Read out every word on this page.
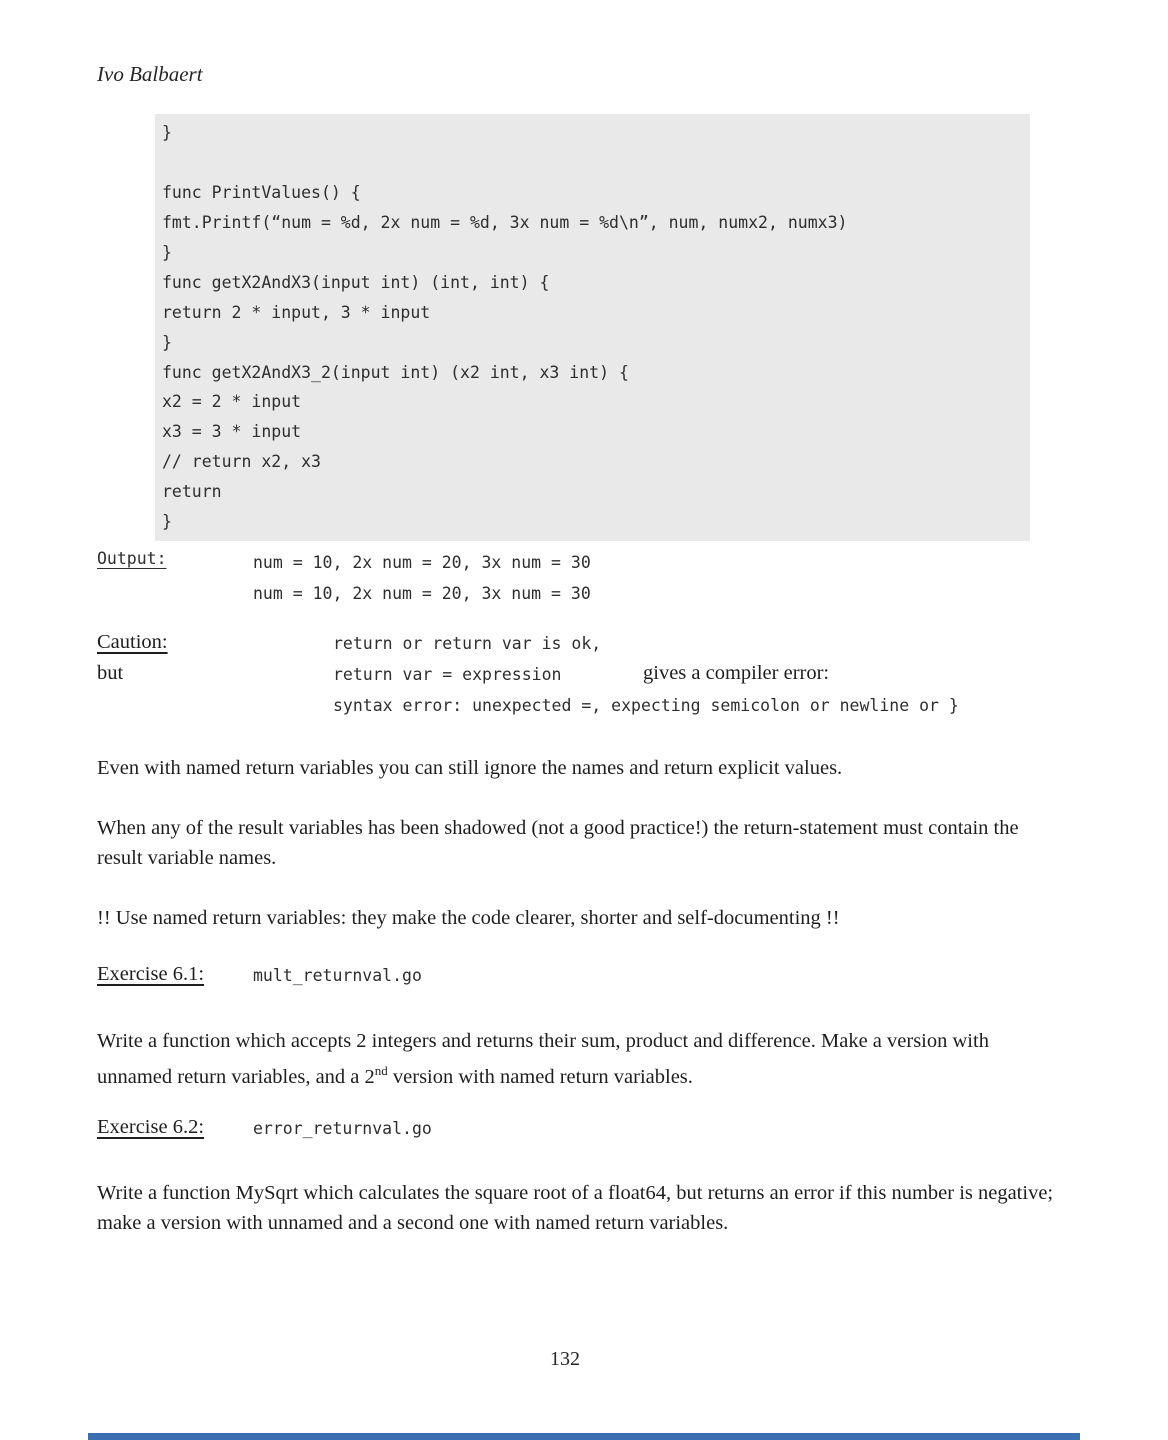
Ivo Balbaert
}

func PrintValues() {
fmt.Printf(“num = %d, 2x num = %d, 3x num = %d\n”, num, numx2, numx3)
}
func getX2AndX3(input int) (int, int) {
return 2 * input, 3 * input
}
func getX2AndX3_2(input int) (x2 int, x3 int) {
x2 = 2 * input
x3 = 3 * input
// return x2, x3
return
}
Output:	num = 10, 2x num = 20, 3x num = 30
num = 10, 2x num = 20, 3x num = 30
Caution:	return or return var is ok,
but	return var = expression	gives a compiler error:
syntax error: unexpected =, expecting semicolon or newline or }
Even with named return variables you can still ignore the names and return explicit values.
When any of the result variables has been shadowed (not a good practice!) the return-statement must contain the result variable names.
!! Use named return variables: they make the code clearer, shorter and self-documenting !!
Exercise 6.1:	mult_returnval.go
Write a function which accepts 2 integers and returns their sum, product and difference. Make a version with unnamed return variables, and a 2nd version with named return variables.
Exercise 6.2:	error_returnval.go
Write a function MySqrt which calculates the square root of a float64, but returns an error if this number is negative; make a version with unnamed and a second one with named return variables.
132
